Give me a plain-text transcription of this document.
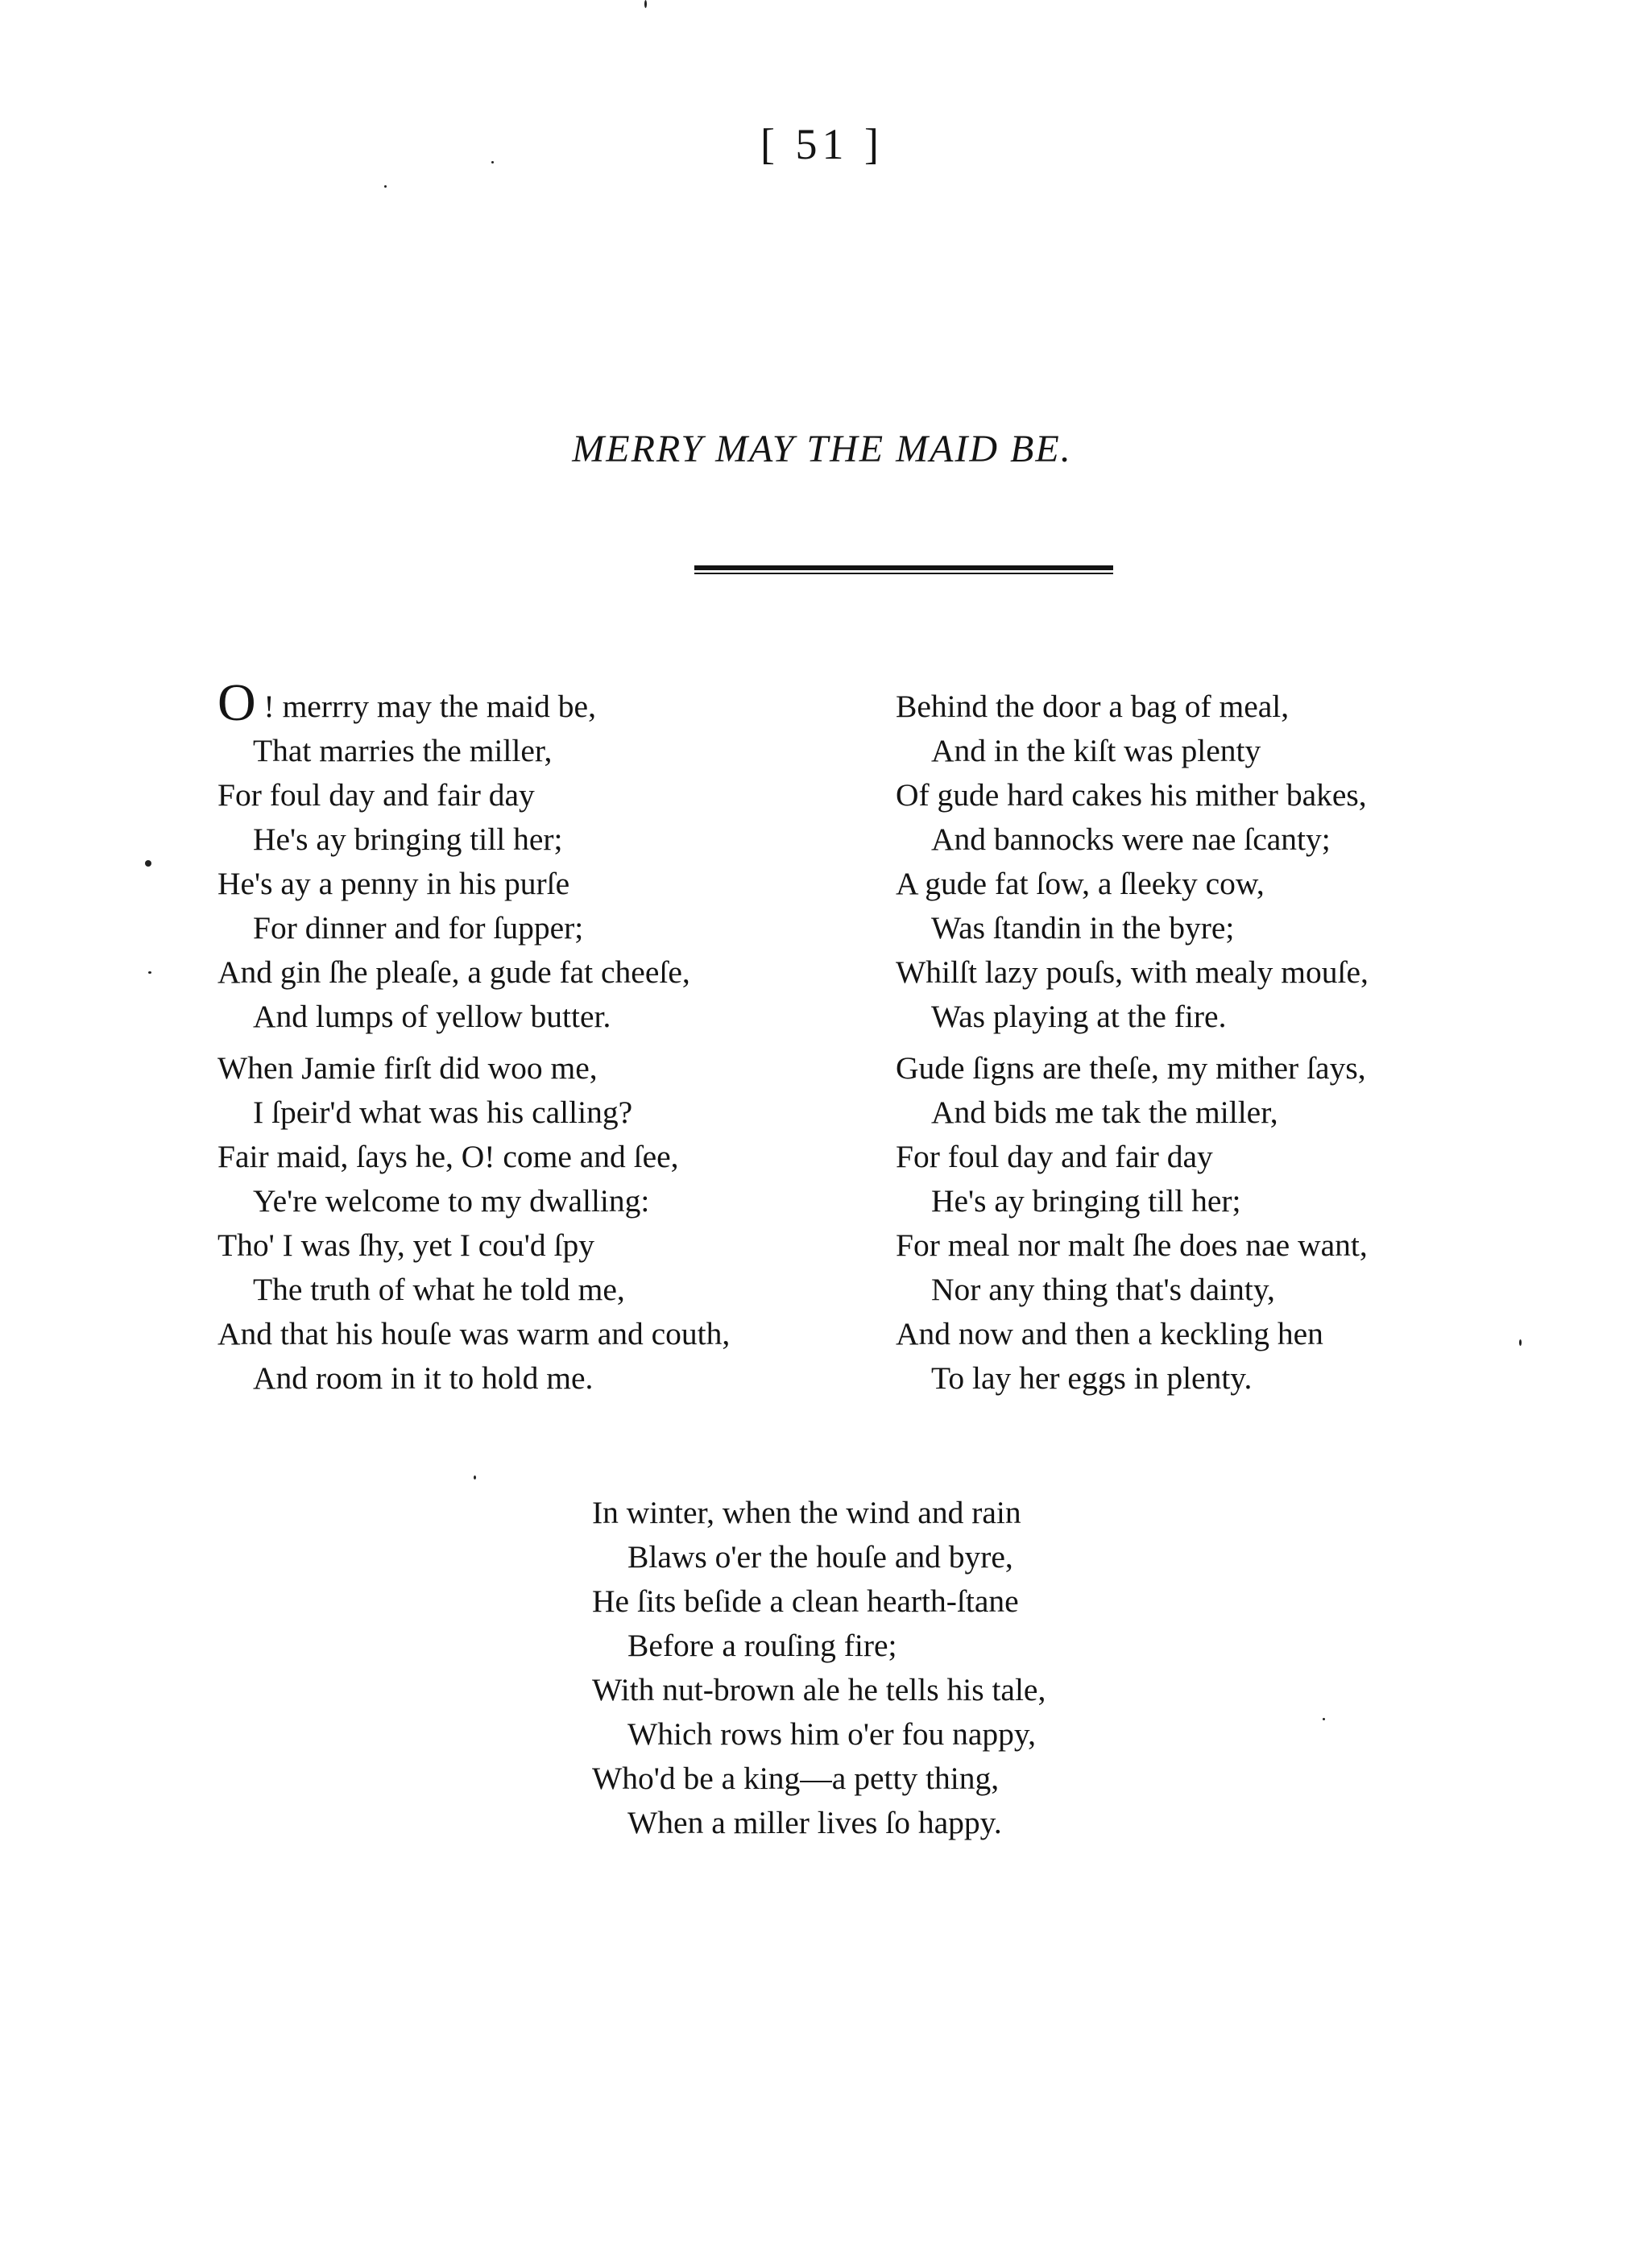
[ 51 ]
MERRY MAY THE MAID BE.
O ! merrry may the maid be,
That marries the miller,
For foul day and fair day
He's ay bringing till her;
He's ay a penny in his purſe
For dinner and for ſupper;
And gin ſhe pleaſe, a gude fat cheeſe,
And lumps of yellow butter.
When Jamie firſt did woo me,
I ſpeir'd what was his calling?
Fair maid, ſays he, O! come and ſee,
Ye're welcome to my dwalling:
Tho' I was ſhy, yet I cou'd ſpy
The truth of what he told me,
And that his houſe was warm and couth,
And room in it to hold me.
Behind the door a bag of meal,
And in the kiſt was plenty
Of gude hard cakes his mither bakes,
And bannocks were nae ſcanty;
A gude fat ſow, a ſleeky cow,
Was ſtandin in the byre;
Whilſt lazy pouſs, with mealy mouſe,
Was playing at the fire.
Gude ſigns are theſe, my mither ſays,
And bids me tak the miller,
For foul day and fair day
He's ay bringing till her;
For meal nor malt ſhe does nae want,
Nor any thing that's dainty,
And now and then a keckling hen
To lay her eggs in plenty.
In winter, when the wind and rain
Blaws o'er the houſe and byre,
He ſits beſide a clean hearth-ſtane
Before a rouſing fire;
With nut-brown ale he tells his tale,
Which rows him o'er fou nappy,
Who'd be a king—a petty thing,
When a miller lives ſo happy.
